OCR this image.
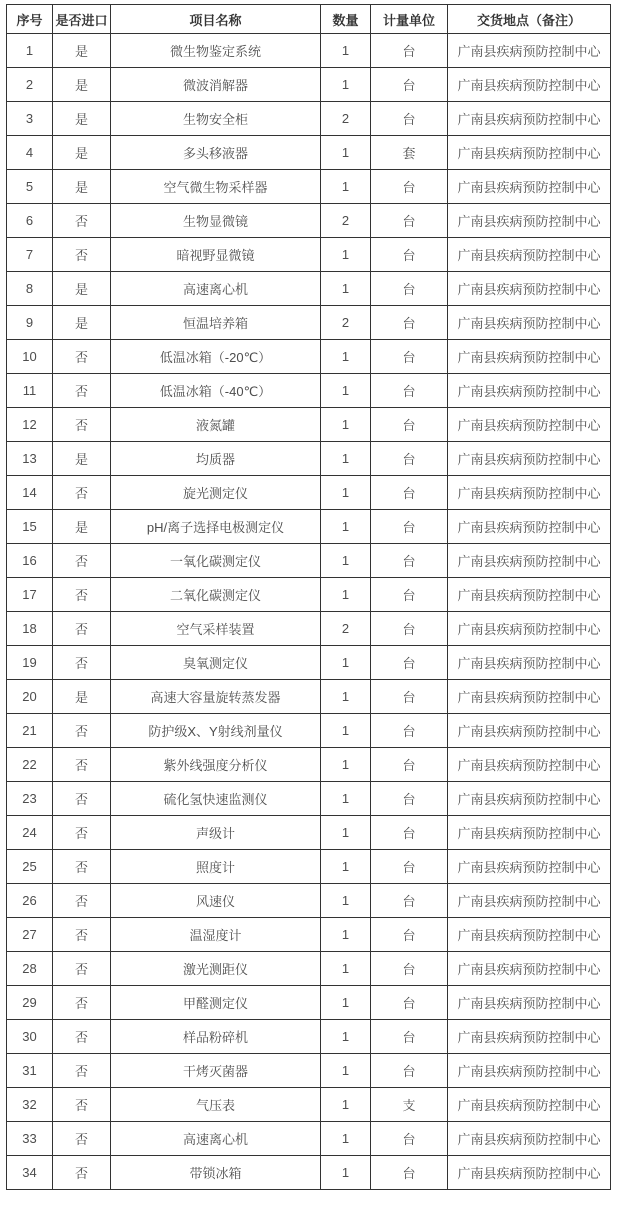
序号	是否进口	项目名称	数量	计量单位	交货地点（备注）
1	是	微生物鉴定系统	1	台	广南县疾病预防控制中心
2	是	微波消解器	1	台	广南县疾病预防控制中心
3	是	生物安全柜	2	台	广南县疾病预防控制中心
4	是	多头移液器	1	套	广南县疾病预防控制中心
5	是	空气微生物采样器	1	台	广南县疾病预防控制中心
6	否	生物显微镜	2	台	广南县疾病预防控制中心
7	否	暗视野显微镜	1	台	广南县疾病预防控制中心
8	是	高速离心机	1	台	广南县疾病预防控制中心
9	是	恒温培养箱	2	台	广南县疾病预防控制中心
10	否	低温冰箱（-20℃）	1	台	广南县疾病预防控制中心
11	否	低温冰箱（-40℃）	1	台	广南县疾病预防控制中心
12	否	液氮罐	1	台	广南县疾病预防控制中心
13	是	均质器	1	台	广南县疾病预防控制中心
14	否	旋光测定仪	1	台	广南县疾病预防控制中心
15	是	pH/离子选择电极测定仪	1	台	广南县疾病预防控制中心
16	否	一氧化碳测定仪	1	台	广南县疾病预防控制中心
17	否	二氧化碳测定仪	1	台	广南县疾病预防控制中心
18	否	空气采样装置	2	台	广南县疾病预防控制中心
19	否	臭氧测定仪	1	台	广南县疾病预防控制中心
20	是	高速大容量旋转蒸发器	1	台	广南县疾病预防控制中心
21	否	防护级X、Y射线剂量仪	1	台	广南县疾病预防控制中心
22	否	紫外线强度分析仪	1	台	广南县疾病预防控制中心
23	否	硫化氢快速监测仪	1	台	广南县疾病预防控制中心
24	否	声级计	1	台	广南县疾病预防控制中心
25	否	照度计	1	台	广南县疾病预防控制中心
26	否	风速仪	1	台	广南县疾病预防控制中心
27	否	温湿度计	1	台	广南县疾病预防控制中心
28	否	激光测距仪	1	台	广南县疾病预防控制中心
29	否	甲醛测定仪	1	台	广南县疾病预防控制中心
30	否	样品粉碎机	1	台	广南县疾病预防控制中心
31	否	干烤灭菌器	1	台	广南县疾病预防控制中心
32	否	气压表	1	支	广南县疾病预防控制中心
33	否	高速离心机	1	台	广南县疾病预防控制中心
34	否	带锁冰箱	1	台	广南县疾病预防控制中心
